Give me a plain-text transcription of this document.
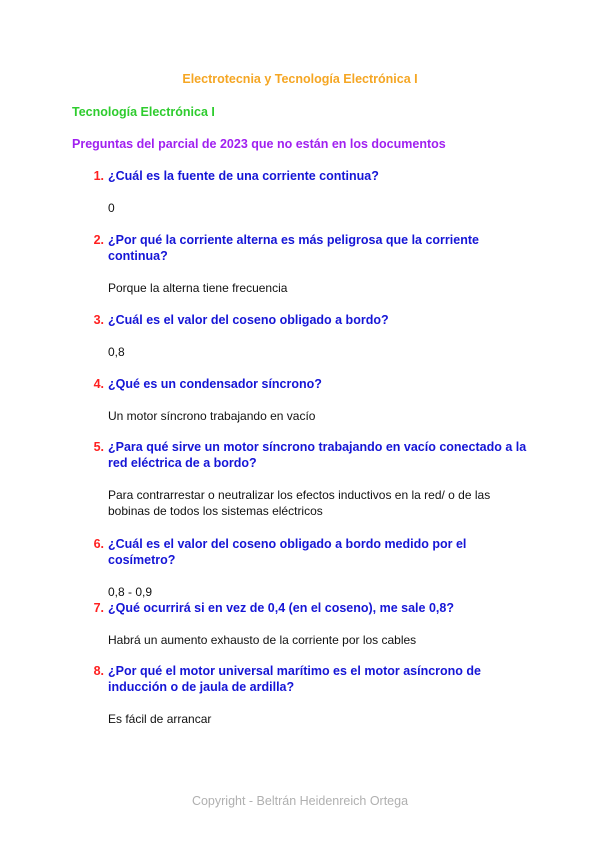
Electrotecnia y Tecnología Electrónica I
Tecnología Electrónica I
Preguntas del parcial de 2023 que no están en los documentos
1. ¿Cuál es la fuente de una corriente continua?
0
2. ¿Por qué la corriente alterna es más peligrosa que la corriente continua?
Porque la alterna tiene frecuencia
3. ¿Cuál es el valor del coseno obligado a bordo?
0,8
4. ¿Qué es un condensador síncrono?
Un motor síncrono trabajando en vacío
5. ¿Para qué sirve un motor síncrono trabajando en vacío conectado a la red eléctrica de a bordo?
Para contrarrestar o neutralizar los efectos inductivos en la red/ o de las bobinas de todos los sistemas eléctricos
6. ¿Cuál es el valor del coseno obligado a bordo medido por el cosímetro?
0,8 - 0,9
7. ¿Qué ocurrirá si en vez de 0,4 (en el coseno), me sale 0,8?
Habrá un aumento exhausto de la corriente por los cables
8. ¿Por qué el motor universal marítimo es el motor asíncrono de inducción o de jaula de ardilla?
Es fácil de arrancar
Copyright - Beltrán Heidenreich Ortega
